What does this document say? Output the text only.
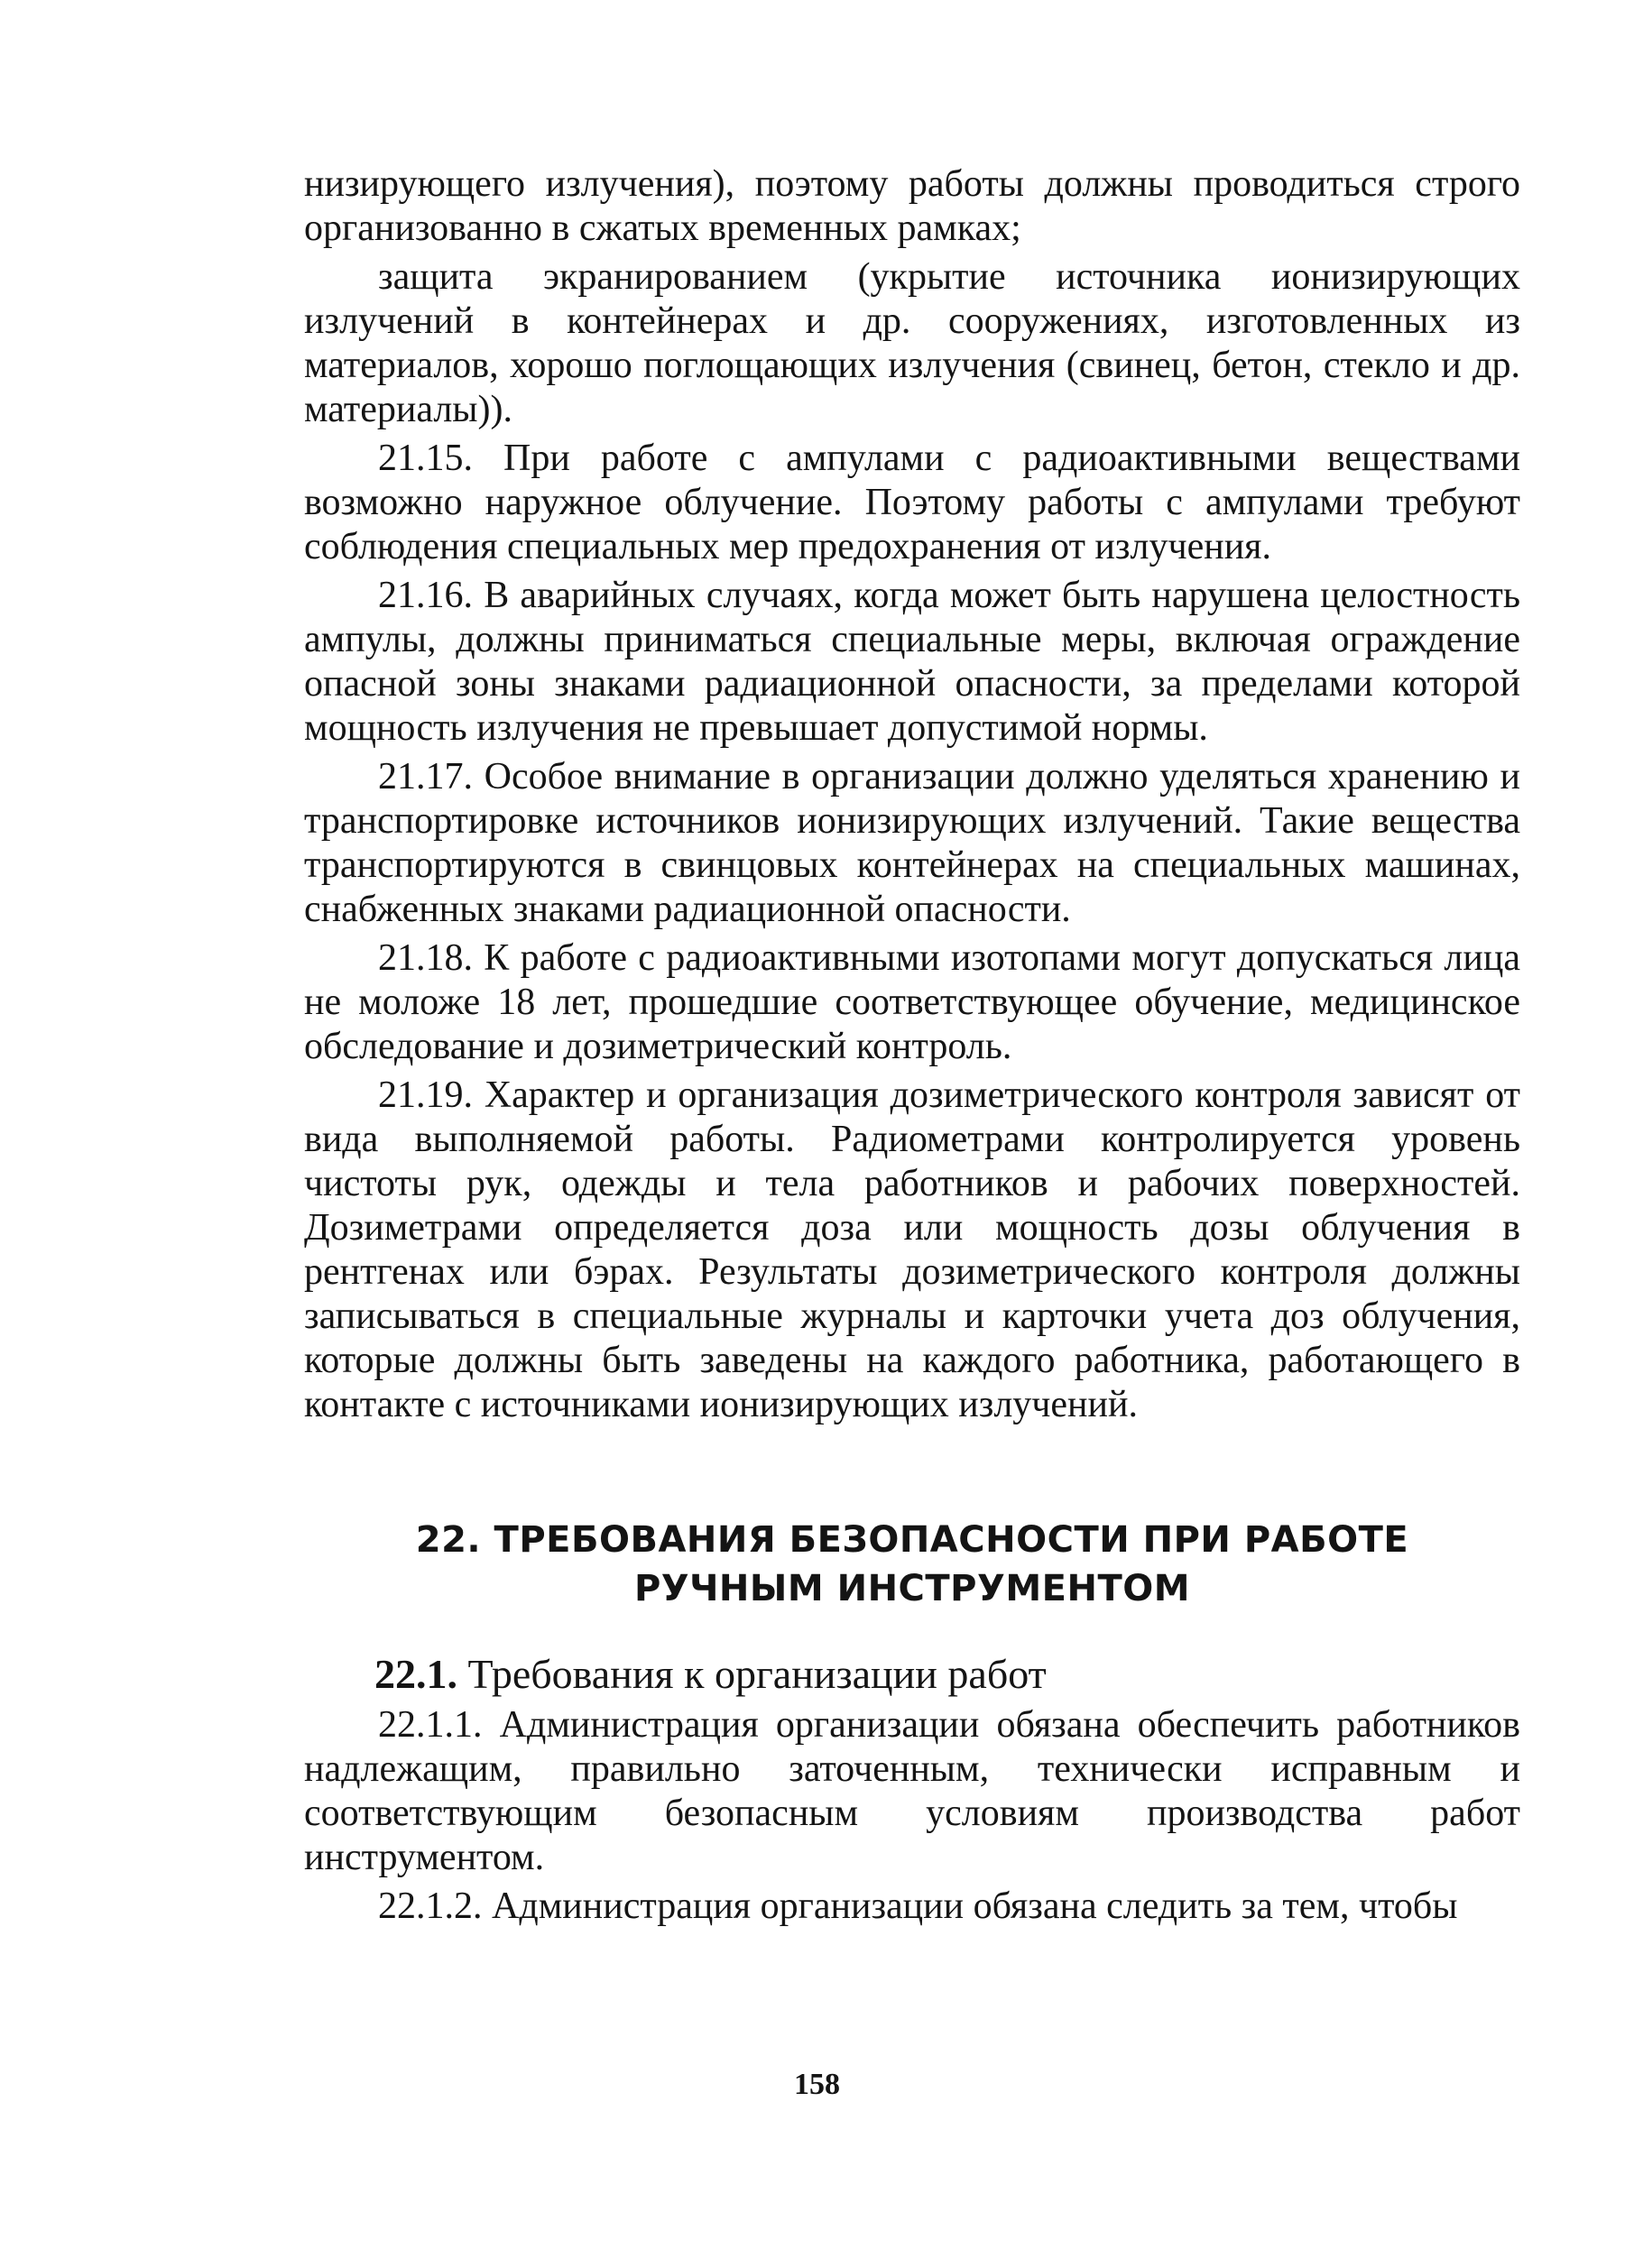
низирующего излучения), поэтому работы должны проводиться строго организованно в сжатых временных рамках;

защита экранированием (укрытие источника ионизирующих излучений в контейнерах и др. сооружениях, изготовленных из материалов, хорошо поглощающих излучения (свинец, бетон, стекло и др. материалы)).

21.15. При работе с ампулами с радиоактивными веществами возможно наружное облучение. Поэтому работы с ампулами требуют соблюдения специальных мер предохранения от излучения.

21.16. В аварийных случаях, когда может быть нарушена целостность ампулы, должны приниматься специальные меры, включая ограждение опасной зоны знаками радиационной опасности, за пределами которой мощность излучения не превышает допустимой нормы.

21.17. Особое внимание в организации должно уделяться хранению и транспортировке источников ионизирующих излучений. Такие вещества транспортируются в свинцовых контейнерах на специальных машинах, снабженных знаками радиационной опасности.

21.18. К работе с радиоактивными изотопами могут допускаться лица не моложе 18 лет, прошедшие соответствующее обучение, медицинское обследование и дозиметрический контроль.

21.19. Характер и организация дозиметрического контроля зависят от вида выполняемой работы. Радиометрами контролируется уровень чистоты рук, одежды и тела работников и рабочих поверхностей. Дозиметрами определяется доза или мощность дозы облучения в рентгенах или бэрах. Результаты дозиметрического контроля должны записываться в специальные журналы и карточки учета доз облучения, которые должны быть заведены на каждого работника, работающего в контакте с источниками ионизирующих излучений.

22. ТРЕБОВАНИЯ БЕЗОПАСНОСТИ ПРИ РАБОТЕ
РУЧНЫМ ИНСТРУМЕНТОМ
22.1. Требования к организации работ

22.1.1. Администрация организации обязана обеспечить работников надлежащим, правильно заточенным, технически исправным и соответствующим безопасным условиям производства работ инструментом.

22.1.2. Администрация организации обязана следить за тем, чтобы

158
